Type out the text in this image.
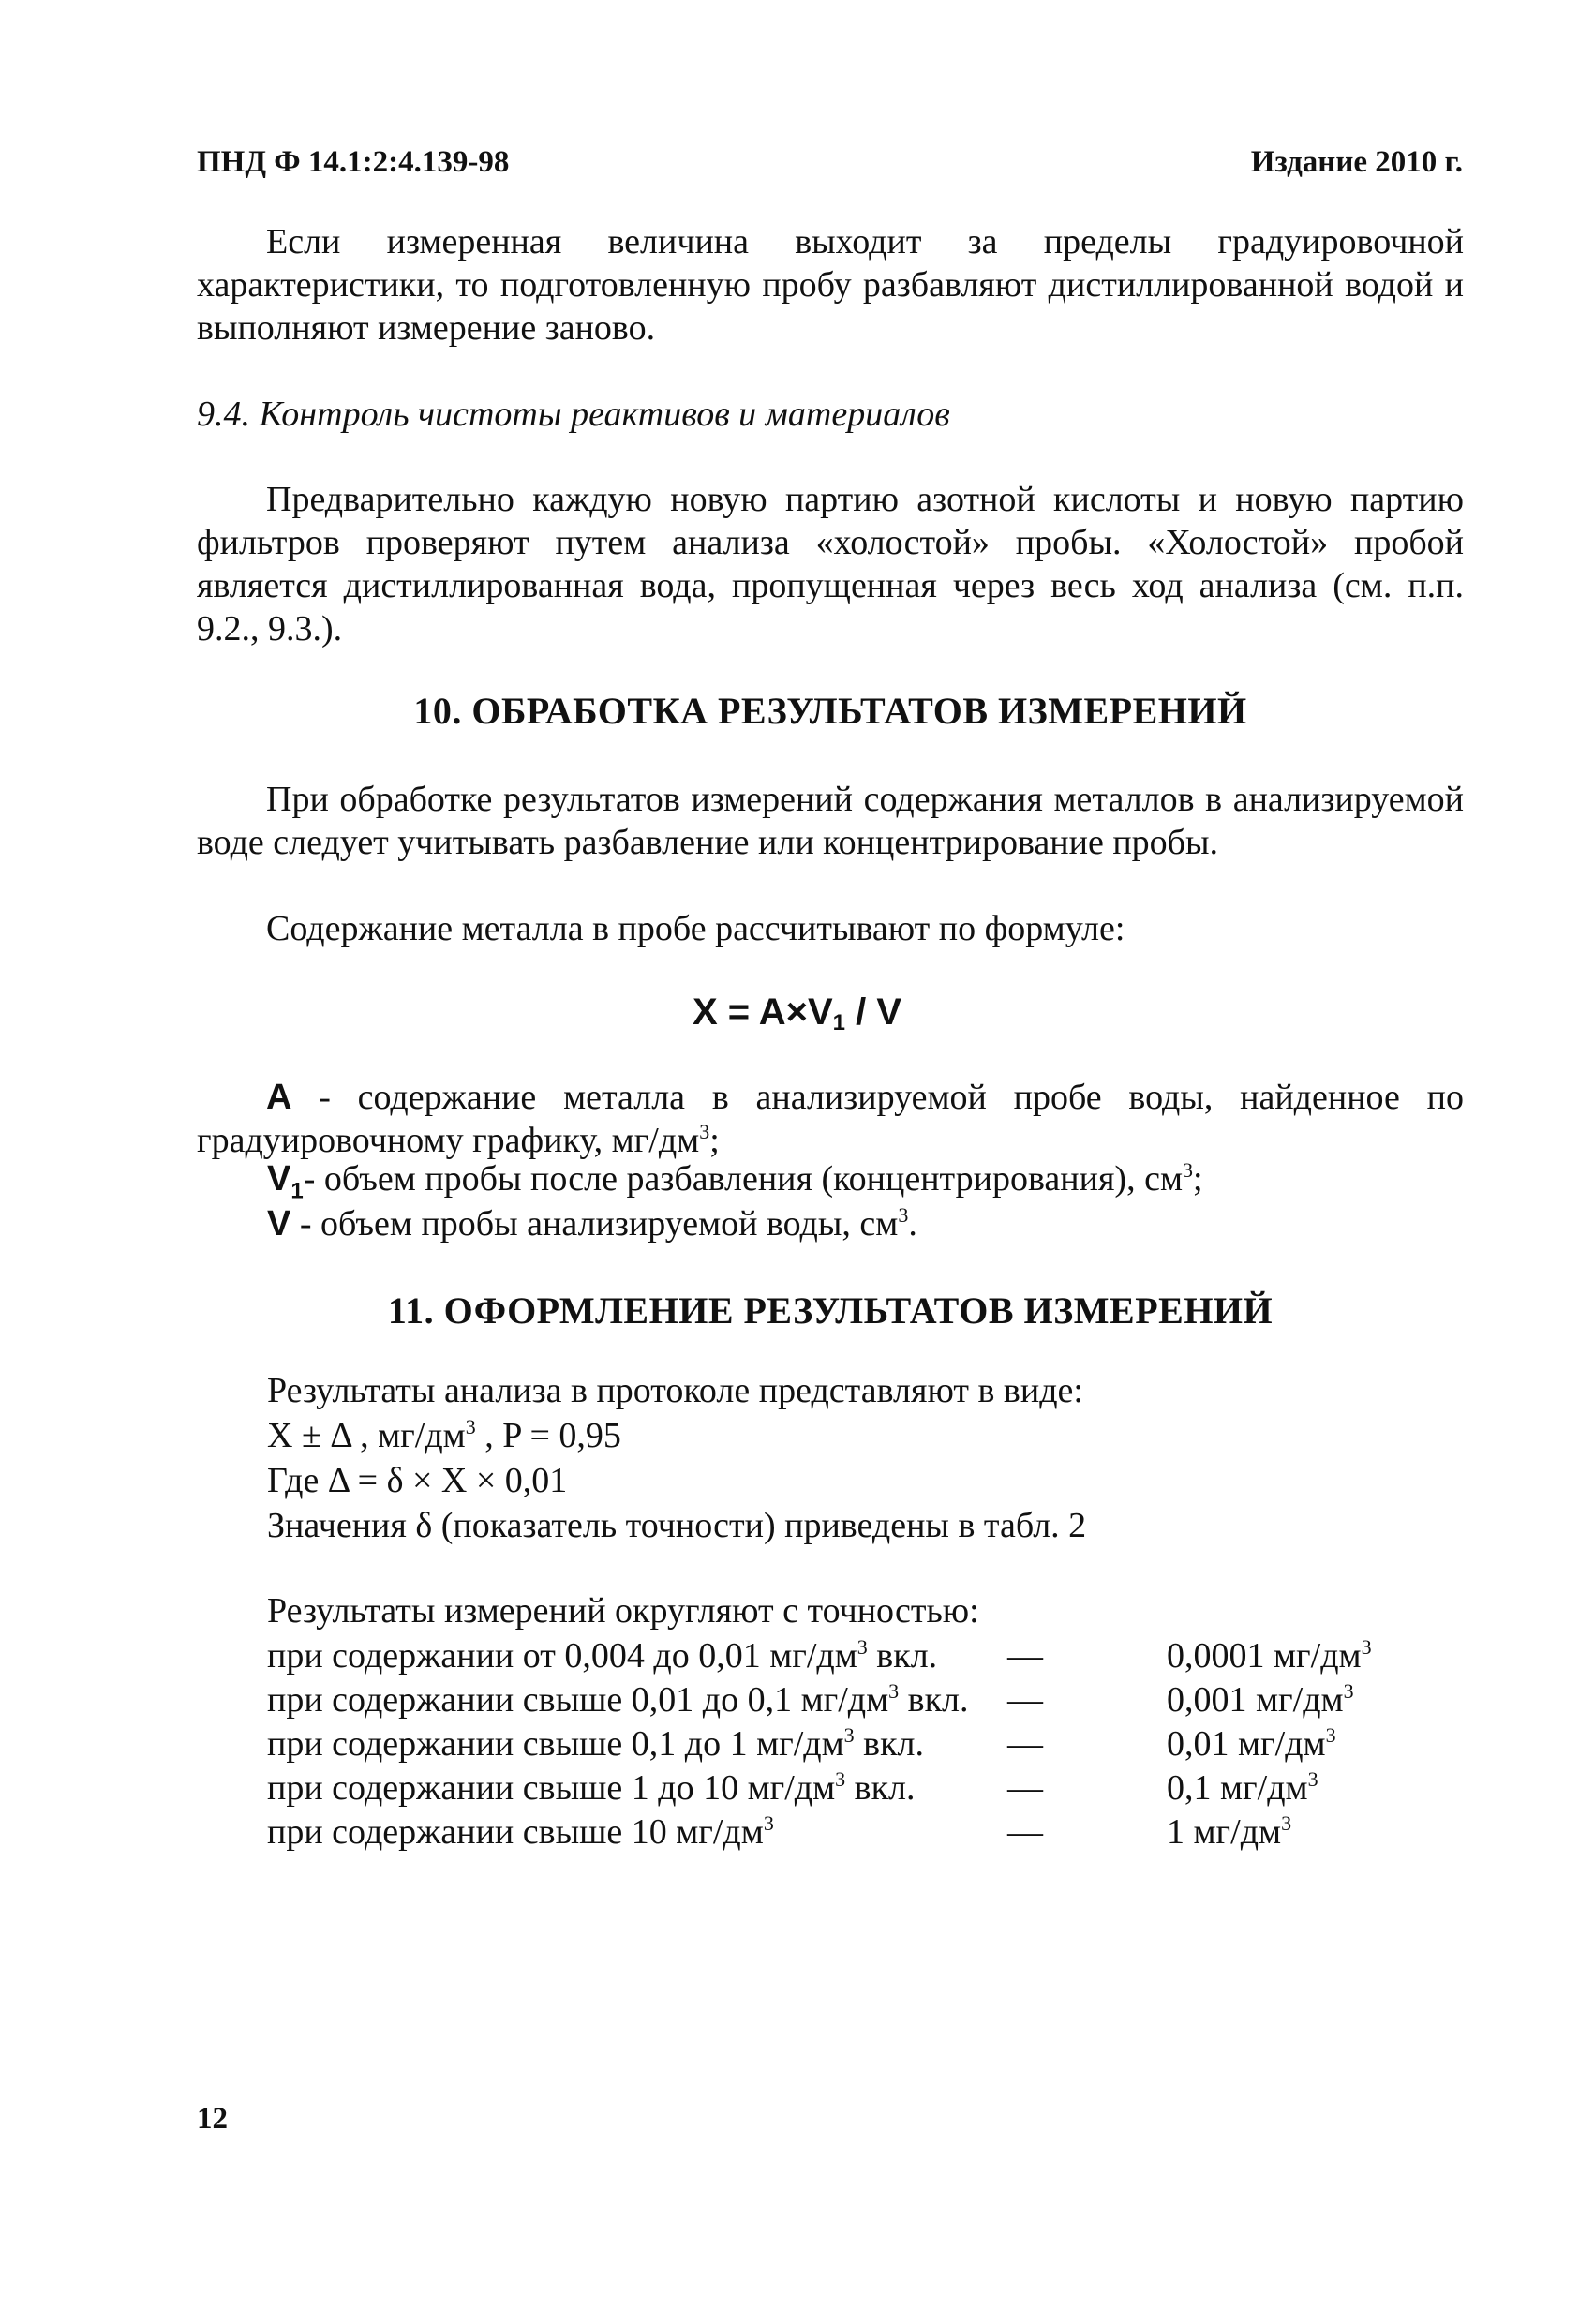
ПНД Ф 14.1:2:4.139-98	Издание 2010 г.

Если измеренная величина выходит за пределы градуировочной характеристики, то подготовленную пробу разбавляют дистиллированной водой и выполняют измерение заново.

9.4. Контроль чистоты реактивов и материалов

Предварительно каждую новую партию азотной кислоты и новую партию фильтров проверяют путем анализа «холостой» пробы. «Холостой» пробой является дистиллированная вода, пропущенная через весь ход анализа (см. п.п. 9.2., 9.3.).

10. ОБРАБОТКА РЕЗУЛЬТАТОВ ИЗМЕРЕНИЙ

При обработке результатов измерений содержания металлов в анализируемой воде следует учитывать разбавление или концентрирование пробы.

Содержание металла в пробе рассчитывают по формуле:

$X = A\times V_1 / V$

A - содержание металла в анализируемой пробе воды, найденное по градуировочному графику, $мг/дм^3$;

$V_1-$ объем пробы после разбавления (концентрирования), $см^3$;
V - объем пробы анализируемой воды, $см^3$.
11. ОФОРМЛЕНИЕ РЕЗУЛЬТАТОВ ИЗМЕРЕНИЙ
Результаты анализа в протоколе представляют в виде:
X ± Δ , $мг/дм^3$ , P = 0,95
Где Δ = δ × X × 0,01
Значения δ (показатель точности) приведены в табл. 2
Результаты измерений округляют с точностью:
при содержании от 0,004 до 0,01 $мг/дм^3$ вкл. —	0,0001 $мг/дм^3$
при содержании свыше 0,01 до 0,1 $мг/дм^3$ вкл. —	0,001 $мг/дм^3$
при содержании свыше 0,1 до 1 $мг/дм^3$ вкл. —	0,01 $мг/дм^3$
при содержании свыше 1 до 10 $мг/дм^3$ вкл.	—	0,1 $мг/дм^3$
при содержании свыше 10 $мг/дм^3$	—	1 $мг/дм^3$
12
